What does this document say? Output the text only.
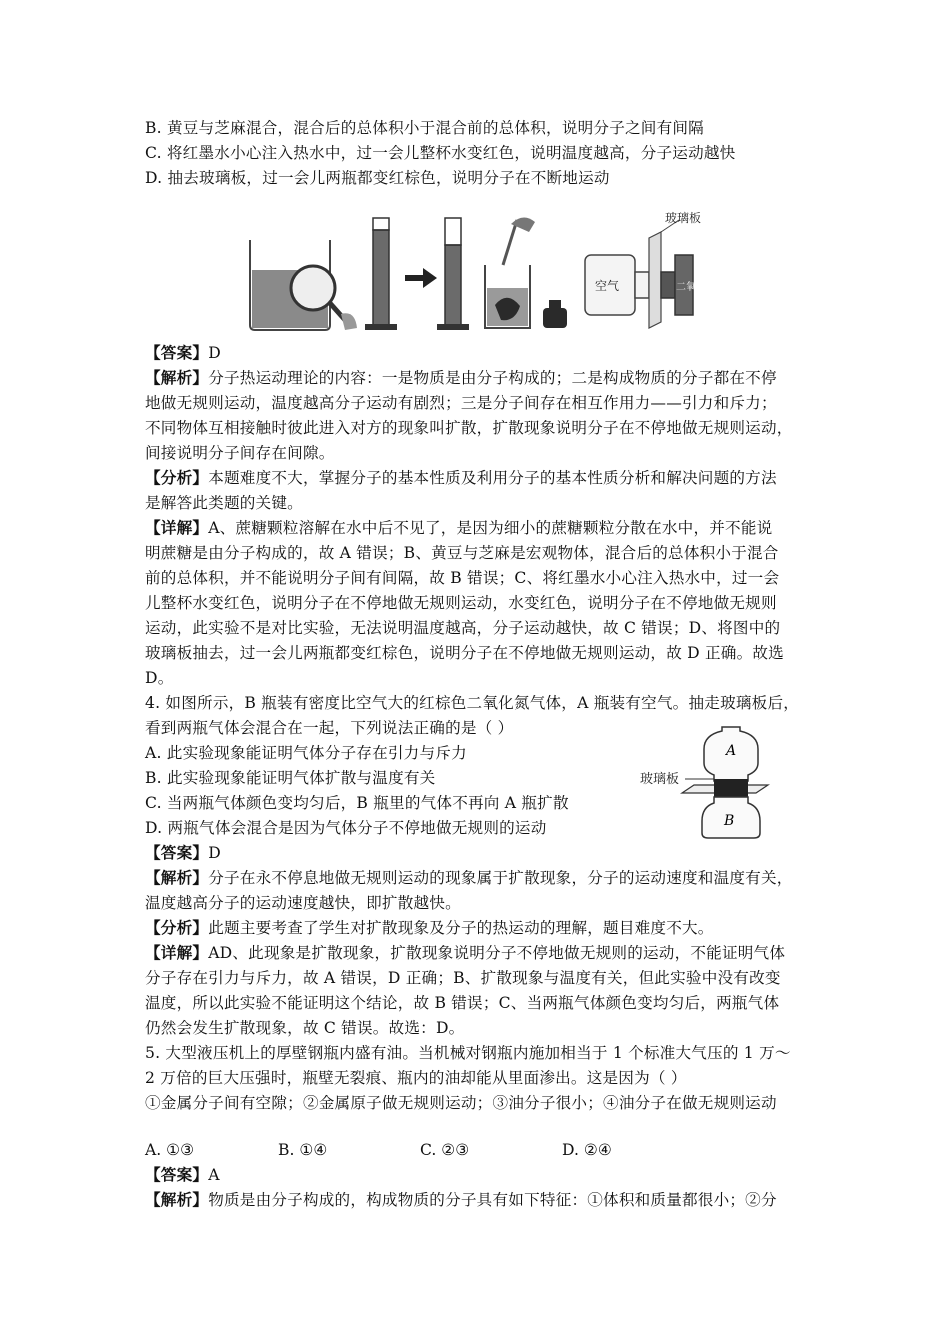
B. 黄豆与芝麻混合，混合后的总体积小于混合前的总体积，说明分子之间有间隔
C. 将红墨水小心注入热水中，过一会儿整杯水变红色，说明温度越高，分子运动越快
D. 抽去玻璃板，过一会儿两瓶都变红棕色，说明分子在不断地运动
空气
玻璃板
二氧化氮
【答案】D
【解析】分子热运动理论的内容：一是物质是由分子构成的；二是构成物质的分子都在不停
地做无规则运动，温度越高分子运动有剧烈；三是分子间存在相互作用力——引力和斥力；
不同物体互相接触时彼此进入对方的现象叫扩散，扩散现象说明分子在不停地做无规则运动，
间接说明分子间存在间隙。
【分析】本题难度不大，掌握分子的基本性质及利用分子的基本性质分析和解决问题的方法
是解答此类题的关键。
【详解】A、蔗糖颗粒溶解在水中后不见了，是因为细小的蔗糖颗粒分散在水中，并不能说
明蔗糖是由分子构成的，故 A 错误；B、黄豆与芝麻是宏观物体，混合后的总体积小于混合
前的总体积，并不能说明分子间有间隔，故 B 错误；C、将红墨水小心注入热水中，过一会
儿整杯水变红色，说明分子在不停地做无规则运动，水变红色，说明分子在不停地做无规则
运动，此实验不是对比实验，无法说明温度越高，分子运动越快，故 C 错误；D、将图中的
玻璃板抽去，过一会儿两瓶都变红棕色，说明分子在不停地做无规则运动，故 D 正确。故选
D。
4. 如图所示，B 瓶装有密度比空气大的红棕色二氧化氮气体，A 瓶装有空气。抽走玻璃板后，
看到两瓶气体会混合在一起，下列说法正确的是（ ）
A. 此实验现象能证明气体分子存在引力与斥力
B. 此实验现象能证明气体扩散与温度有关
C. 当两瓶气体颜色变均匀后，B 瓶里的气体不再向 A 瓶扩散
D. 两瓶气体会混合是因为气体分子不停地做无规则的运动
玻璃板
A
B
【答案】D
【解析】分子在永不停息地做无规则运动的现象属于扩散现象，分子的运动速度和温度有关，
温度越高分子的运动速度越快，即扩散越快。
【分析】此题主要考查了学生对扩散现象及分子的热运动的理解，题目难度不大。
【详解】AD、此现象是扩散现象，扩散现象说明分子不停地做无规则的运动，不能证明气体
分子存在引力与斥力，故 A 错误，D 正确；B、扩散现象与温度有关，但此实验中没有改变
温度，所以此实验不能证明这个结论，故 B 错误；C、当两瓶气体颜色变均匀后，两瓶气体
仍然会发生扩散现象，故 C 错误。故选：D。
5. 大型液压机上的厚壁钢瓶内盛有油。当机械对钢瓶内施加相当于 1 个标准大气压的 1 万～
2 万倍的巨大压强时，瓶壁无裂痕、瓶内的油却能从里面渗出。这是因为（ ）
①金属分子间有空隙；②金属原子做无规则运动；③油分子很小；④油分子在做无规则运动
A. ①③	B. ①④	C. ②③	D. ②④
【答案】A
【解析】物质是由分子构成的，构成物质的分子具有如下特征：①体积和质量都很小；②分
